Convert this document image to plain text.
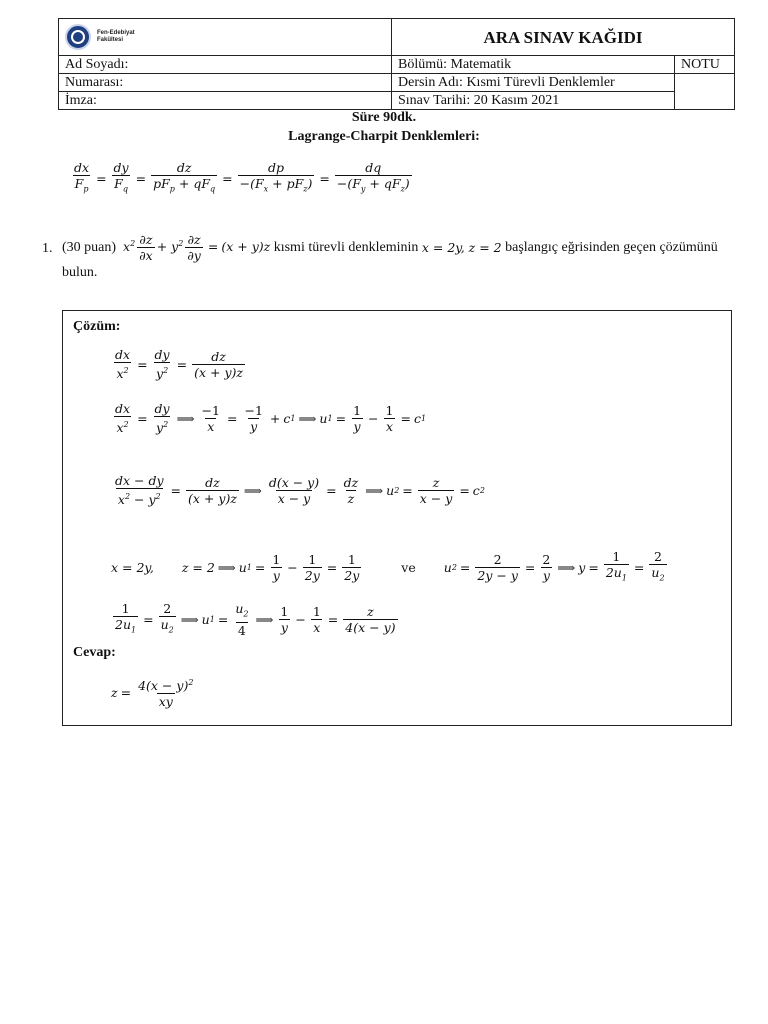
Fen-Edebiyat
Fakültesi	ARA SINAV KAĞIDI	
Ad Soyadı:	Bölümü: Matematik	NOTU
Numarası:	Dersin Adı: Kısmi Türevli Denklemler	
İmza:	Sınav Tarihi: 20 Kasım 2021	
Süre 90dk.
Lagrange-Charpit Denklemleri:
$\frac{dx}{F_p} = \frac{dy}{F_q} = \frac{dz}{pF_p + qF_q} = \frac{dp}{-(F_x + pF_z)} = \frac{dq}{-(F_y + qF_z)}$
1. (30 puan)
$x^2 \frac{\partial z}{\partial x} + y^2 \frac{\partial z}{\partial y} = (x + y)z$
kısmi türevli denkleminin
x = 2y, z = 2
başlangıç eğrisinden geçen çözümünü
bulun.
Çözüm:
$\frac{dx}{x^2} = \frac{dy}{y^2} = \frac{dz}{(x + y)z}$
$\frac{dx}{x^2} = \frac{dy}{y^2}$ ⟹ $\frac{-1}{x} = \frac{-1}{y} + c$ 1 ⟹ u $1 = \frac{1}{y} - \frac{1}{x} = c$ 1
$\frac{dx - dy}{x^2 - y^2} = \frac{dz}{(x + y)z}$ ⟹ $\frac{d(x - y)}{x - y} = \frac{dz}{z}$ ⟹ u $2 = \frac{z}{x - y} = c$ 2
x = 2y, z = 2 ⟹ u $1 = \frac{1}{y} - \frac{1}{2y} = \frac{1}{2y}$	ve u $2 = \frac{2}{2y - y} = \frac{2}{y}$ ⟹ $y = \frac{1}{2u_1} = \frac{2}{u_2}$
$\frac{1}{2u_1} = \frac{2}{u_2}$ ⟹ u $1 = \frac{u_2}{4}$ ⟹ $\frac{1}{y} - \frac{1}{x} = \frac{z}{4(x - y)}$
Cevap:
$z = \frac{4(x - y)^2}{xy}$
